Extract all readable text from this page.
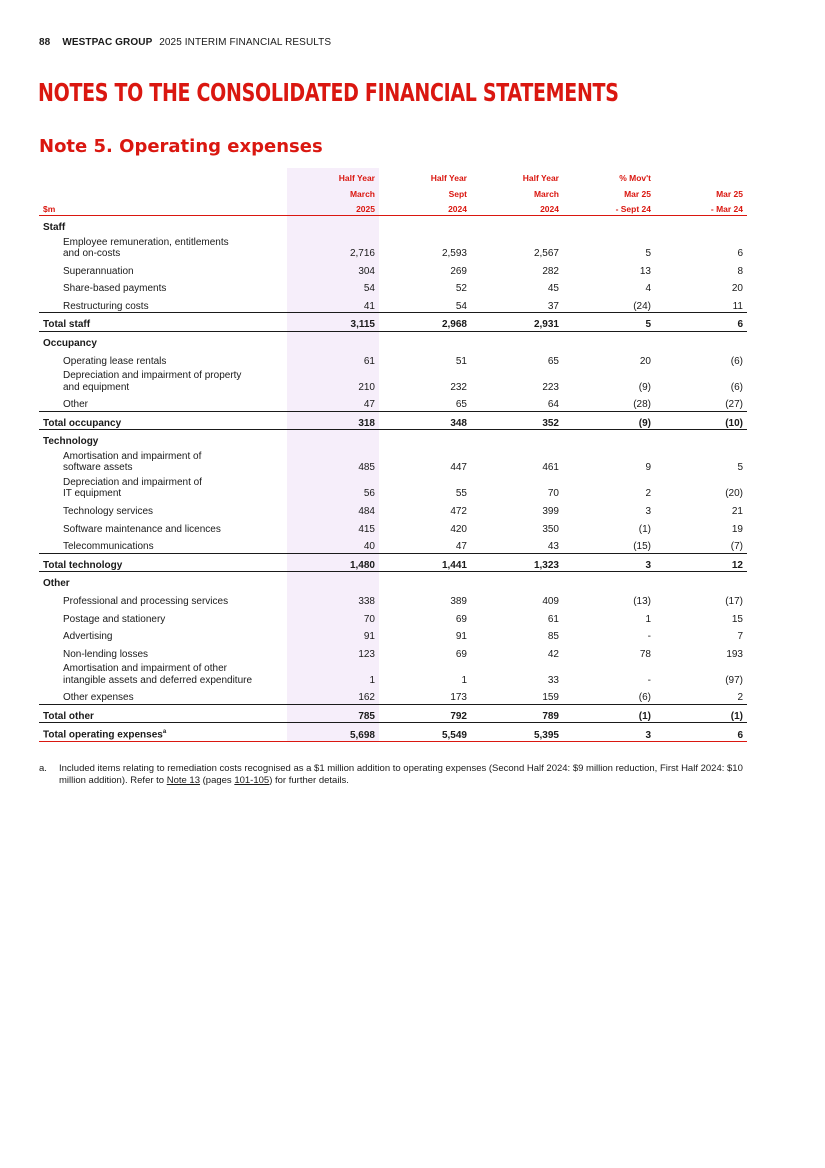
88 WESTPAC GROUP 2025 INTERIM FINANCIAL RESULTS
NOTES TO THE CONSOLIDATED FINANCIAL STATEMENTS
Note 5. Operating expenses
	Half Year	Half Year	Half Year	% Mov't	
	March	Sept	March	Mar 25	Mar 25
$m	2025	2024	2024	- Sept 24	- Mar 24
Staff					
Employee remuneration, entitlements
and on-costs	2,716	2,593	2,567	5	6
Superannuation	304	269	282	13	8
Share-based payments	54	52	45	4	20
Restructuring costs	41	54	37	(24)	11
Total staff	3,115	2,968	2,931	5	6
Occupancy					
Operating lease rentals	61	51	65	20	(6)
Depreciation and impairment of property
and equipment	210	232	223	(9)	(6)
Other	47	65	64	(28)	(27)
Total occupancy	318	348	352	(9)	(10)
Technology					
Amortisation and impairment of
software assets	485	447	461	9	5
Depreciation and impairment of
IT equipment	56	55	70	2	(20)
Technology services	484	472	399	3	21
Software maintenance and licences	415	420	350	(1)	19
Telecommunications	40	47	43	(15)	(7)
Total technology	1,480	1,441	1,323	3	12
Other					
Professional and processing services	338	389	409	(13)	(17)
Postage and stationery	70	69	61	1	15
Advertising	91	91	85	-	7
Non-lending losses	123	69	42	78	193
Amortisation and impairment of other
intangible assets and deferred expenditure	1	1	33	-	(97)
Other expenses	162	173	159	(6)	2
Total other	785	792	789	(1)	(1)
Total operating expenses$^a$	5,698	5,549	5,395	3	6
a.	Included items relating to remediation costs recognised as a $1 million addition to operating expenses (Second Half 2024: $9 million reduction, First Half 2024: $10 million addition). Refer to Note 13 (pages 101-105) for further details.
